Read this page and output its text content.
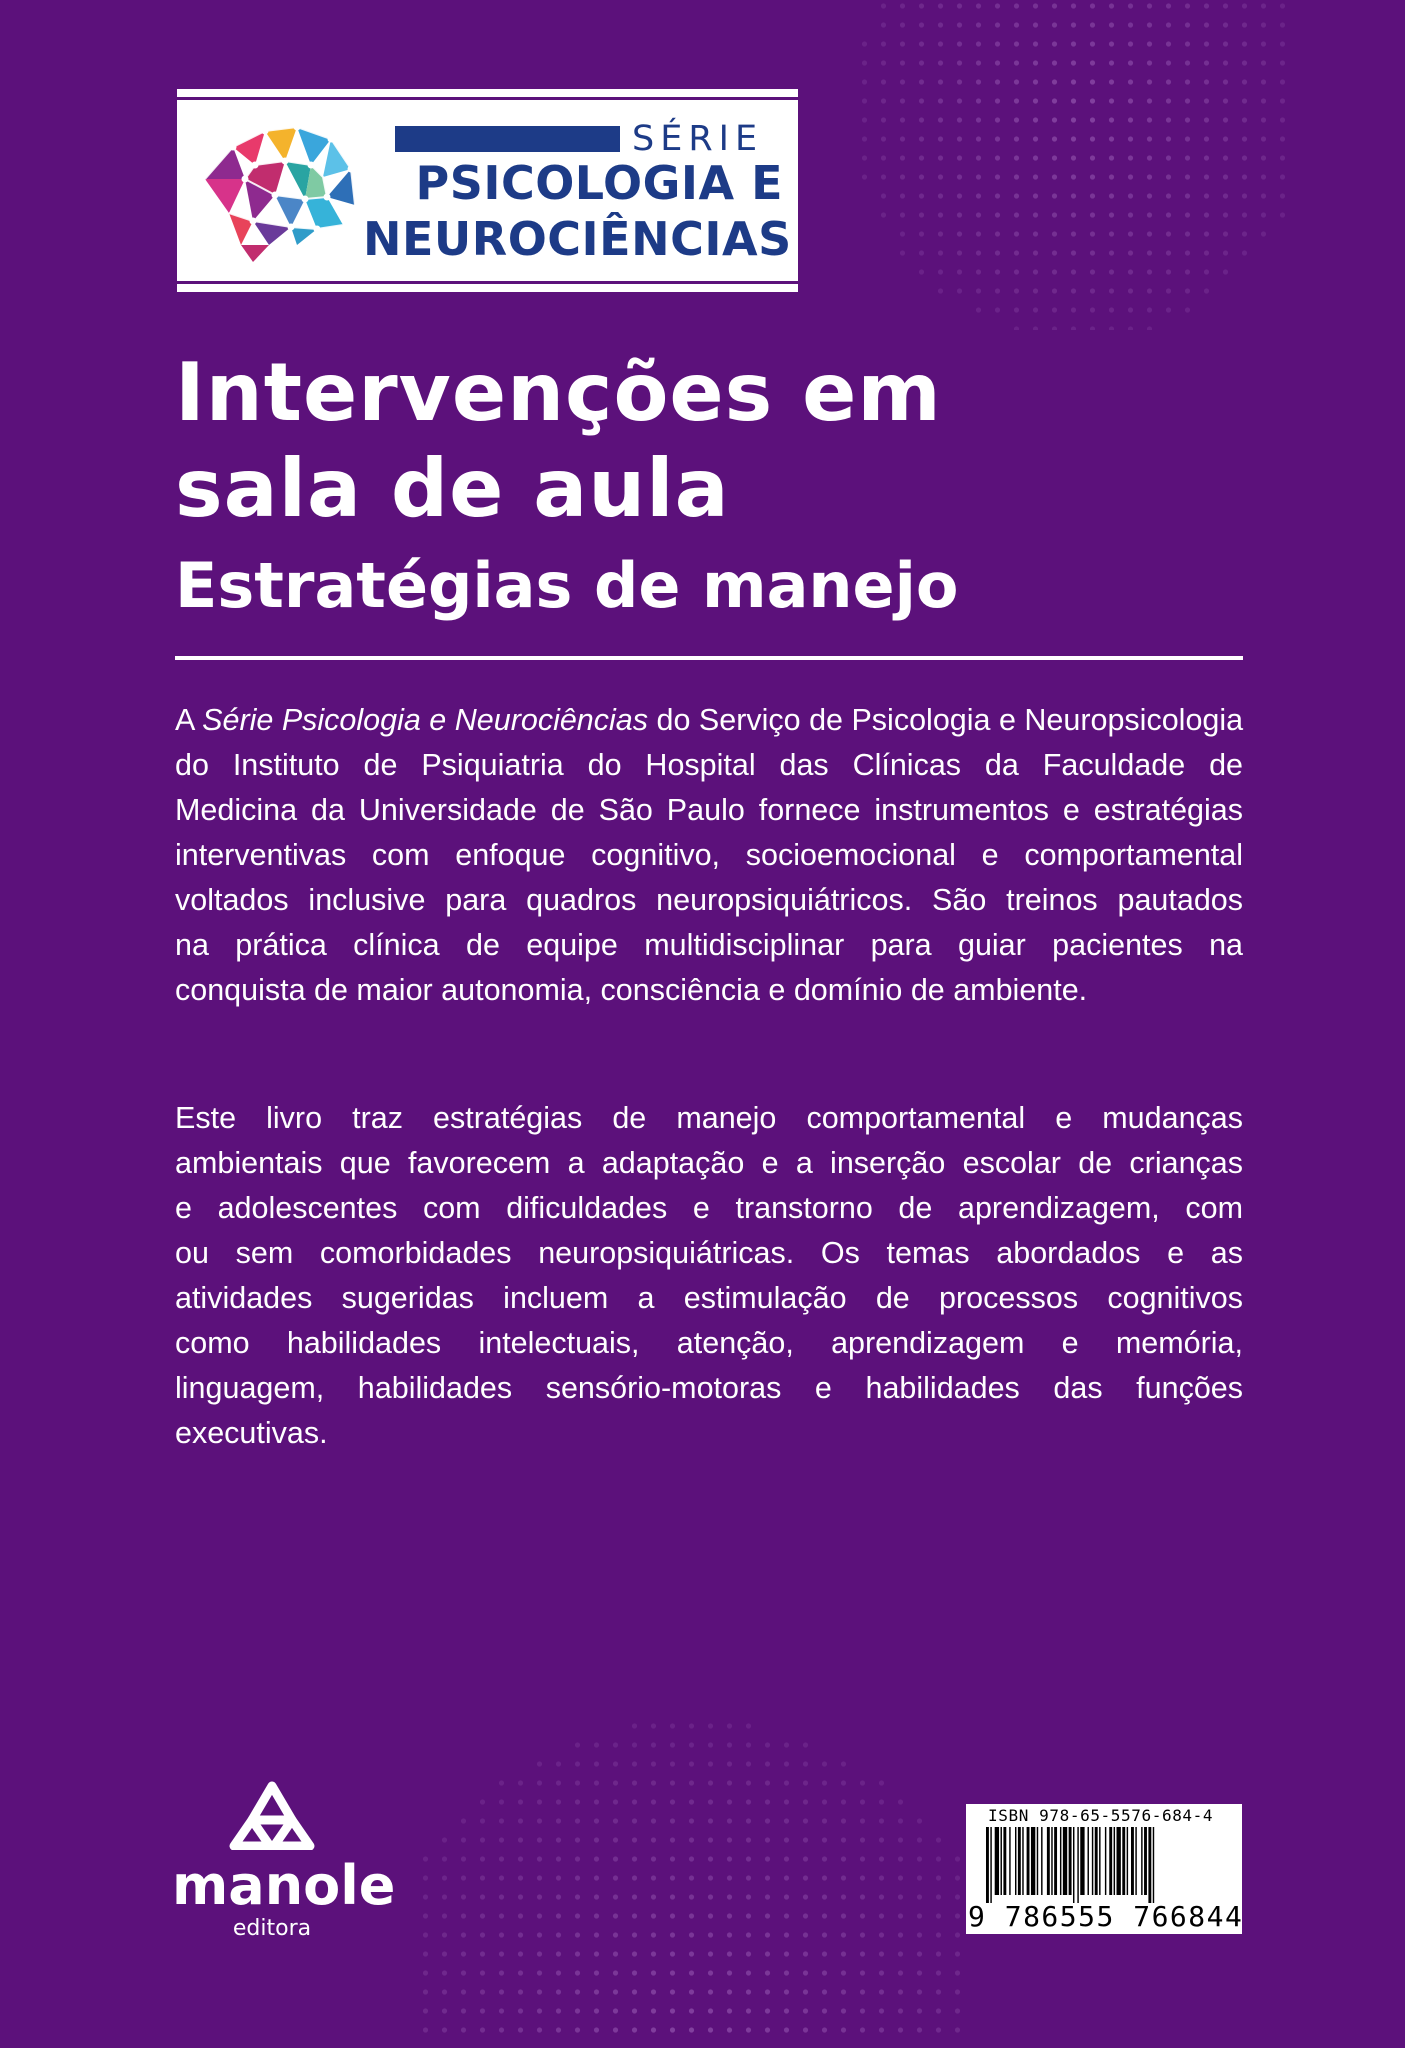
SÉRIE
PSICOLOGIA E
NEUROCIÊNCIAS
Intervenções em
sala de aula
Estratégias de manejo

A Série Psicologia e Neurociências do Serviço de Psicologia e Neuropsicologia
do Instituto de Psiquiatria do Hospital das Clínicas da Faculdade de
Medicina da Universidade de São Paulo fornece instrumentos e estratégias
interventivas com enfoque cognitivo, socioemocional e comportamental
voltados inclusive para quadros neuropsiquiátricos. São treinos pautados
na prática clínica de equipe multidisciplinar para guiar pacientes na
conquista de maior autonomia, consciência e domínio de ambiente.

Este livro traz estratégias de manejo comportamental e mudanças
ambientais que favorecem a adaptação e a inserção escolar de crianças
e adolescentes com dificuldades e transtorno de aprendizagem, com
ou sem comorbidades neuropsiquiátricas. Os temas abordados e as
atividades sugeridas incluem a estimulação de processos cognitivos
como habilidades intelectuais, atenção, aprendizagem e memória,
linguagem, habilidades sensório-motoras e habilidades das funções
executivas.

manole
editora
ISBN 978-65-5576-684-4
9 786555 766844
